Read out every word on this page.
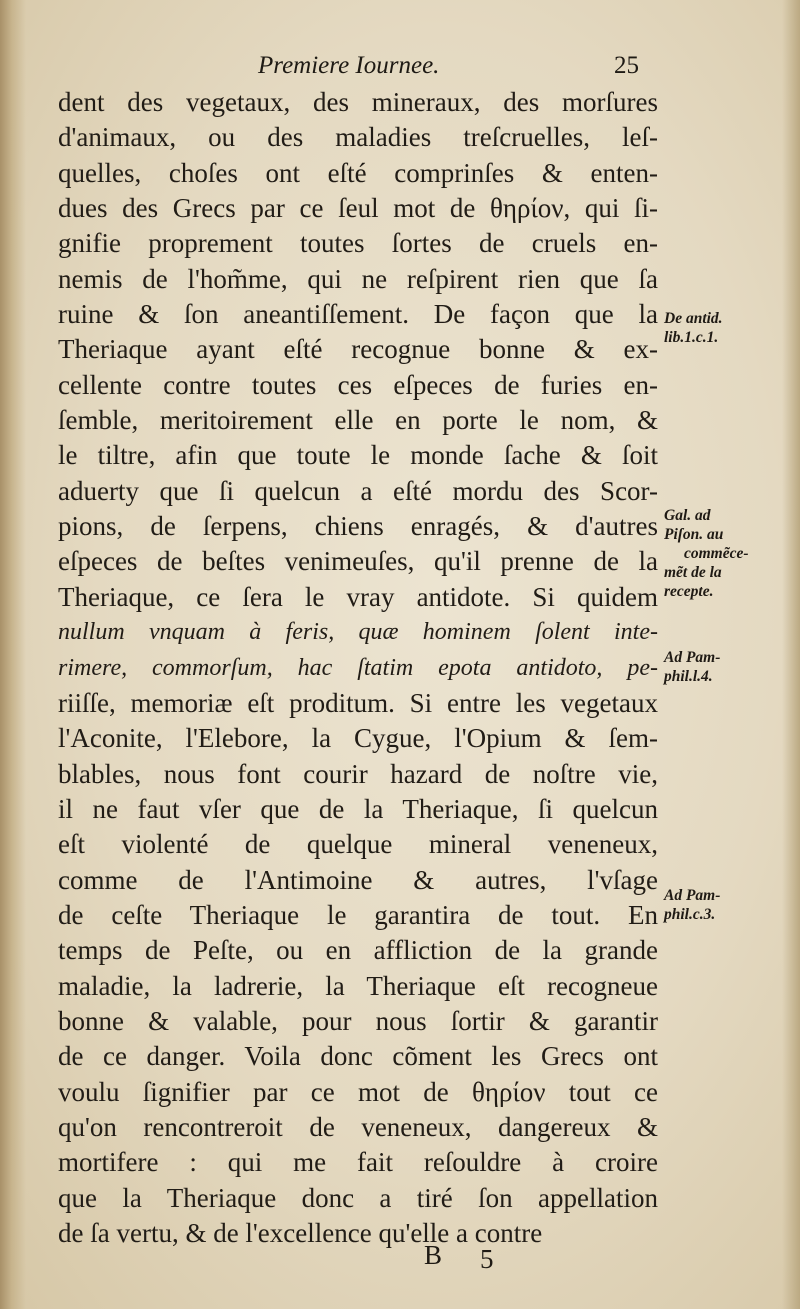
Premiere Iournee.	25
dent des vegetaux, des mineraux, des morſures
d'animaux, ou des maladies treſcruelles, leſ-
quelles, choſes ont eſté comprinſes & enten-
dues des Grecs par ce ſeul mot de θηρίον, qui ſi-
gnifie proprement toutes ſortes de cruels en-
nemis de l'hom̃me, qui ne reſpirent rien que ſa
ruine & ſon aneantiſſement. De façon que la
Theriaque ayant eſté recognue bonne & ex-
cellente contre toutes ces eſpeces de furies en-
ſemble, meritoirement elle en porte le nom, &
le tiltre, afin que toute le monde ſache & ſoit
aduerty que ſi quelcun a eſté mordu des Scor-
pions, de ſerpens, chiens enragés, & d'autres
eſpeces de beſtes venimeuſes, qu'il prenne de la
Theriaque, ce ſera le vray antidote. Si quidem
nullum vnquam à feris, quæ hominem ſolent inte-
rimere, commorſum, hac ſtatim epota antidoto, pe-
riiſſe, memoriæ eſt proditum. Si entre les vegetaux
l'Aconite, l'Elebore, la Cygue, l'Opium & ſem-
blables, nous font courir hazard de noſtre vie,
il ne faut vſer que de la Theriaque, ſi quelcun
eſt violenté de quelque mineral veneneux,
comme de l'Antimoine & autres, l'vſage
de ceſte Theriaque le garantira de tout. En
temps de Peſte, ou en affliction de la grande
maladie, la ladrerie, la Theriaque eſt recogneue
bonne & valable, pour nous ſortir & garantir
de ce danger. Voila donc cõment les Grecs ont
voulu ſignifier par ce mot de θηρίον tout ce
qu'on rencontreroit de veneneux, dangereux &
mortifere : qui me fait reſouldre à croire
que la Theriaque donc a tiré ſon appellation
de ſa vertu, & de l'excellence qu'elle a contre
De antid.
lib.1.c.1.
Gal. ad
Piſon. au
commẽce-
mẽt de la
recepte.
Ad Pam-
phil.l.4.
Ad Pam-
phil.c.3.
B 5
